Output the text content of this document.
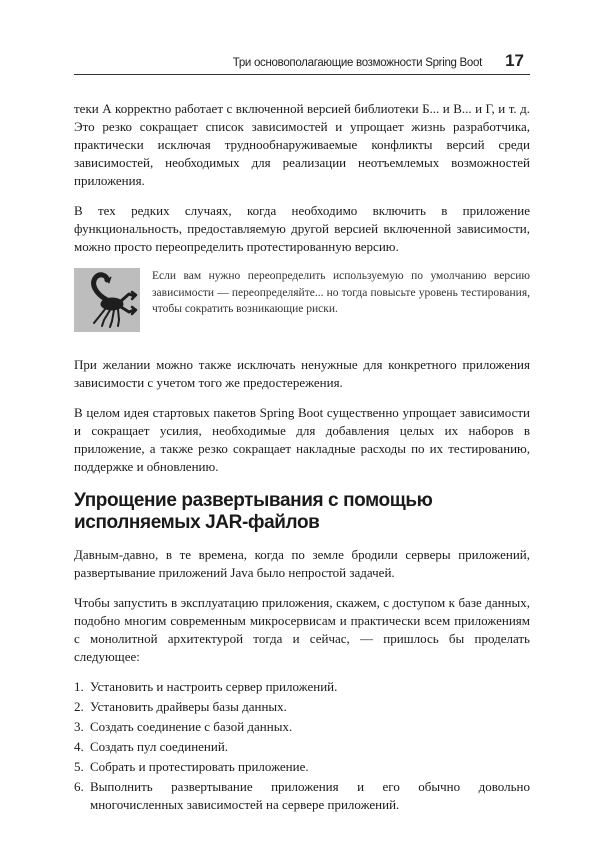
Три основополагающие возможности Spring Boot 17

теки А корректно работает с включенной версией библиотеки Б... и В... и Г, и т. д. Это резко сокращает список зависимостей и упрощает жизнь разработчика, практически исключая трудноoбнаруживаемые конфликты версий среди зависимостей, необходимых для реализации неотъемлемых возможностей приложения.

В тех редких случаях, когда необходимо включить в приложение функциональность, предоставляемую другой версией включенной зависимости, можно просто переопределить протестированную версию.

Если вам нужно переопределить используемую по умолчанию версию зависимости — переопределяйте... но тогда повысьте уровень тестирования, чтобы сократить возникающие риски.

При желании можно также исключать ненужные для конкретного приложения зависимости с учетом того же предостережения.

В целом идея стартовых пакетов Spring Boot существенно упрощает зависимости и сокращает усилия, необходимые для добавления целых их наборов в приложение, а также резко сокращает накладные расходы по их тестированию, поддержке и обновлению.

Упрощение развертывания с помощью исполняемых JAR-файлов

Давным-давно, в те времена, когда по земле бродили серверы приложений, развертывание приложений Java было непростой задачей.

Чтобы запустить в эксплуатацию приложения, скажем, с доступом к базе данных, подобно многим современным микросервисам и практически всем приложениям с монолитной архитектурой тогда и сейчас, — пришлось бы проделать следующее:

1. Установить и настроить сервер приложений.
2. Установить драйверы базы данных.
3. Создать соединение с базой данных.
4. Создать пул соединений.
5. Собрать и протестировать приложение.
6. Выполнить развертывание приложения и его обычно довольно многочисленных зависимостей на сервере приложений.
